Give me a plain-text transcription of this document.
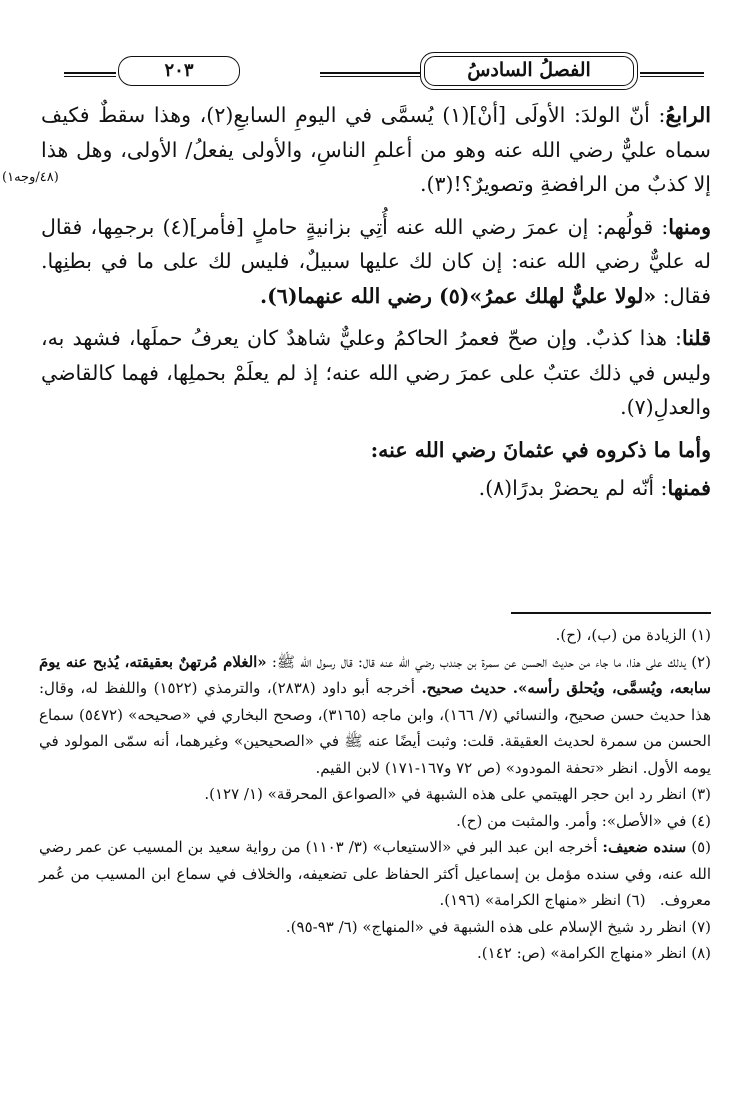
الفصلُ السادسُ
٢٠٣
(٤٨/وجه١)

الرابعُ: أنّ الولدَ: الأولَى [أنْ](١) يُسمَّى في اليومِ السابعِ(٢)، وهذا سقطٌ فكيف سماه عليٌّ رضي الله عنه وهو من أعلمِ الناسِ، والأولى يفعلُ/ الأولى، وهل هذا إلا كذبٌ من الرافضةِ وتصويرٌ؟!(٣).

ومنها: قولُهم: إن عمرَ رضي الله عنه أُتِي بزانيةٍ حاملٍ [فأمر](٤) برجمِها، فقال له عليٌّ رضي الله عنه: إن كان لك عليها سبيلٌ، فليس لك على ما في بطنِها. فقال: «لولا عليٌّ لهلك عمرُ»(٥) رضي الله عنهما(٦).

قلنا: هذا كذبٌ. وإن صحّ فعمرُ الحاكمُ وعليٌّ شاهدٌ كان يعرفُ حملَها، فشهد به، وليس في ذلك عتبٌ على عمرَ رضي الله عنه؛ إذ لم يعلَمْ بحملِها، فهما كالقاضي والعدلِ(٧).

وأما ما ذكروه في عثمانَ رضي الله عنه:

فمنها: أنّه لم يحضرْ بدرًا(٨).

(١) الزيادة من (ب)، (ح).

(٢) يدلك على هذا، ما جاء من حديث الحسن عن سمرة بن جندب رضي الله عنه قال: قال رسول الله ﷺ: «الغلام مُرتهنٌ بعقيقته، يُذبح عنه يومَ سابعه، ويُسمَّى، ويُحلق رأسه». حديث صحيح. أخرجه أبو داود (٢٨٣٨)، والترمذي (١٥٢٢) واللفظ له، وقال: هذا حديث حسن صحيح، والنسائي (٧/ ١٦٦)، وابن ماجه (٣١٦٥)، وصحح البخاري في «صحيحه» (٥٤٧٢) سماع الحسن من سمرة لحديث العقيقة. قلت: وثبت أيضًا عنه ﷺ في «الصحيحين» وغيرهما، أنه سمّى المولود في يومه الأول. انظر «تحفة المودود» (ص ٧٢ و١٦٧-١٧١) لابن القيم.

(٣) انظر رد ابن حجر الهيتمي على هذه الشبهة في «الصواعق المحرقة» (١/ ١٢٧).

(٤) في «الأصل»: وأمر. والمثبت من (ح).

(٥) سنده ضعيف: أخرجه ابن عبد البر في «الاستيعاب» (٣/ ١١٠٣) من رواية سعيد بن المسيب عن عمر رضي الله عنه، وفي سنده مؤمل بن إسماعيل أكثر الحفاظ على تضعيفه، والخلاف في سماع ابن المسيب من عُمر معروف.   (٦) انظر «منهاج الكرامة» (١٩٦).

(٧) انظر رد شيخ الإسلام على هذه الشبهة في «المنهاج» (٦/ ٩٣-٩٥).

(٨) انظر «منهاج الكرامة» (ص: ١٤٢).
